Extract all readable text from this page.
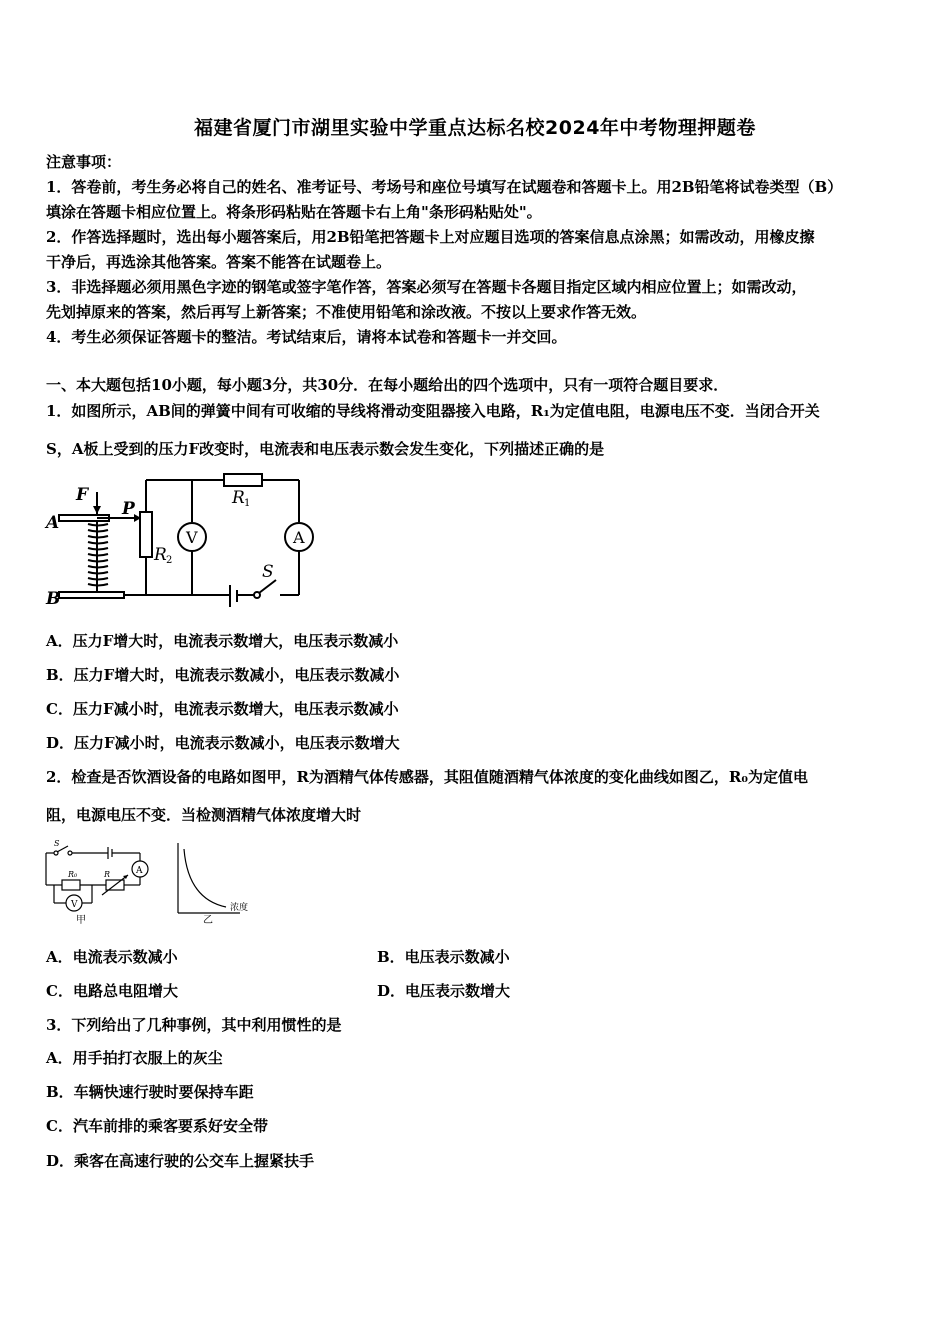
福建省厦门市湖里实验中学重点达标名校2024年中考物理押题卷
注意事项：
1．答卷前，考生务必将自己的姓名、准考证号、考场号和座位号填写在试题卷和答题卡上。用2B铅笔将试卷类型（B）
填涂在答题卡相应位置上。将条形码粘贴在答题卡右上角"条形码粘贴处"。
2．作答选择题时，选出每小题答案后，用2B铅笔把答题卡上对应题目选项的答案信息点涂黑；如需改动，用橡皮擦
干净后，再选涂其他答案。答案不能答在试题卷上。
3．非选择题必须用黑色字迹的钢笔或签字笔作答，答案必须写在答题卡各题目指定区域内相应位置上；如需改动，
先划掉原来的答案，然后再写上新答案；不准使用铅笔和涂改液。不按以上要求作答无效。
4．考生必须保证答题卡的整洁。考试结束后，请将本试卷和答题卡一并交回。
一、本大题包括10小题，每小题3分，共30分．在每小题给出的四个选项中，只有一项符合题目要求．
1．如图所示，AB间的弹簧中间有可收缩的导线将滑动变阻器接入电路，R₁为定值电阻，电源电压不变．当闭合开关
S，A板上受到的压力F改变时，电流表和电压表示数会发生变化，下列描述正确的是
F
A
B
P
R 1
R 2
V	A
S
A．压力F增大时，电流表示数增大，电压表示数减小
B．压力F增大时，电流表示数减小，电压表示数减小
C．压力F减小时，电流表示数增大，电压表示数减小
D．压力F减小时，电流表示数减小，电压表示数增大
2．检查是否饮酒设备的电路如图甲，R为酒精气体传感器，其阻值随酒精气体浓度的变化曲线如图乙，R₀为定值电
阻，电源电压不变．当检测酒精气体浓度增大时
S
R₀	R	A
V
甲	乙
浓度
A．电流表示数减小	B．电压表示数减小
C．电路总电阻增大	D．电压表示数增大
3．下列给出了几种事例，其中利用惯性的是
A．用手拍打衣服上的灰尘
B．车辆快速行驶时要保持车距
C．汽车前排的乘客要系好安全带
D．乘客在高速行驶的公交车上握紧扶手
